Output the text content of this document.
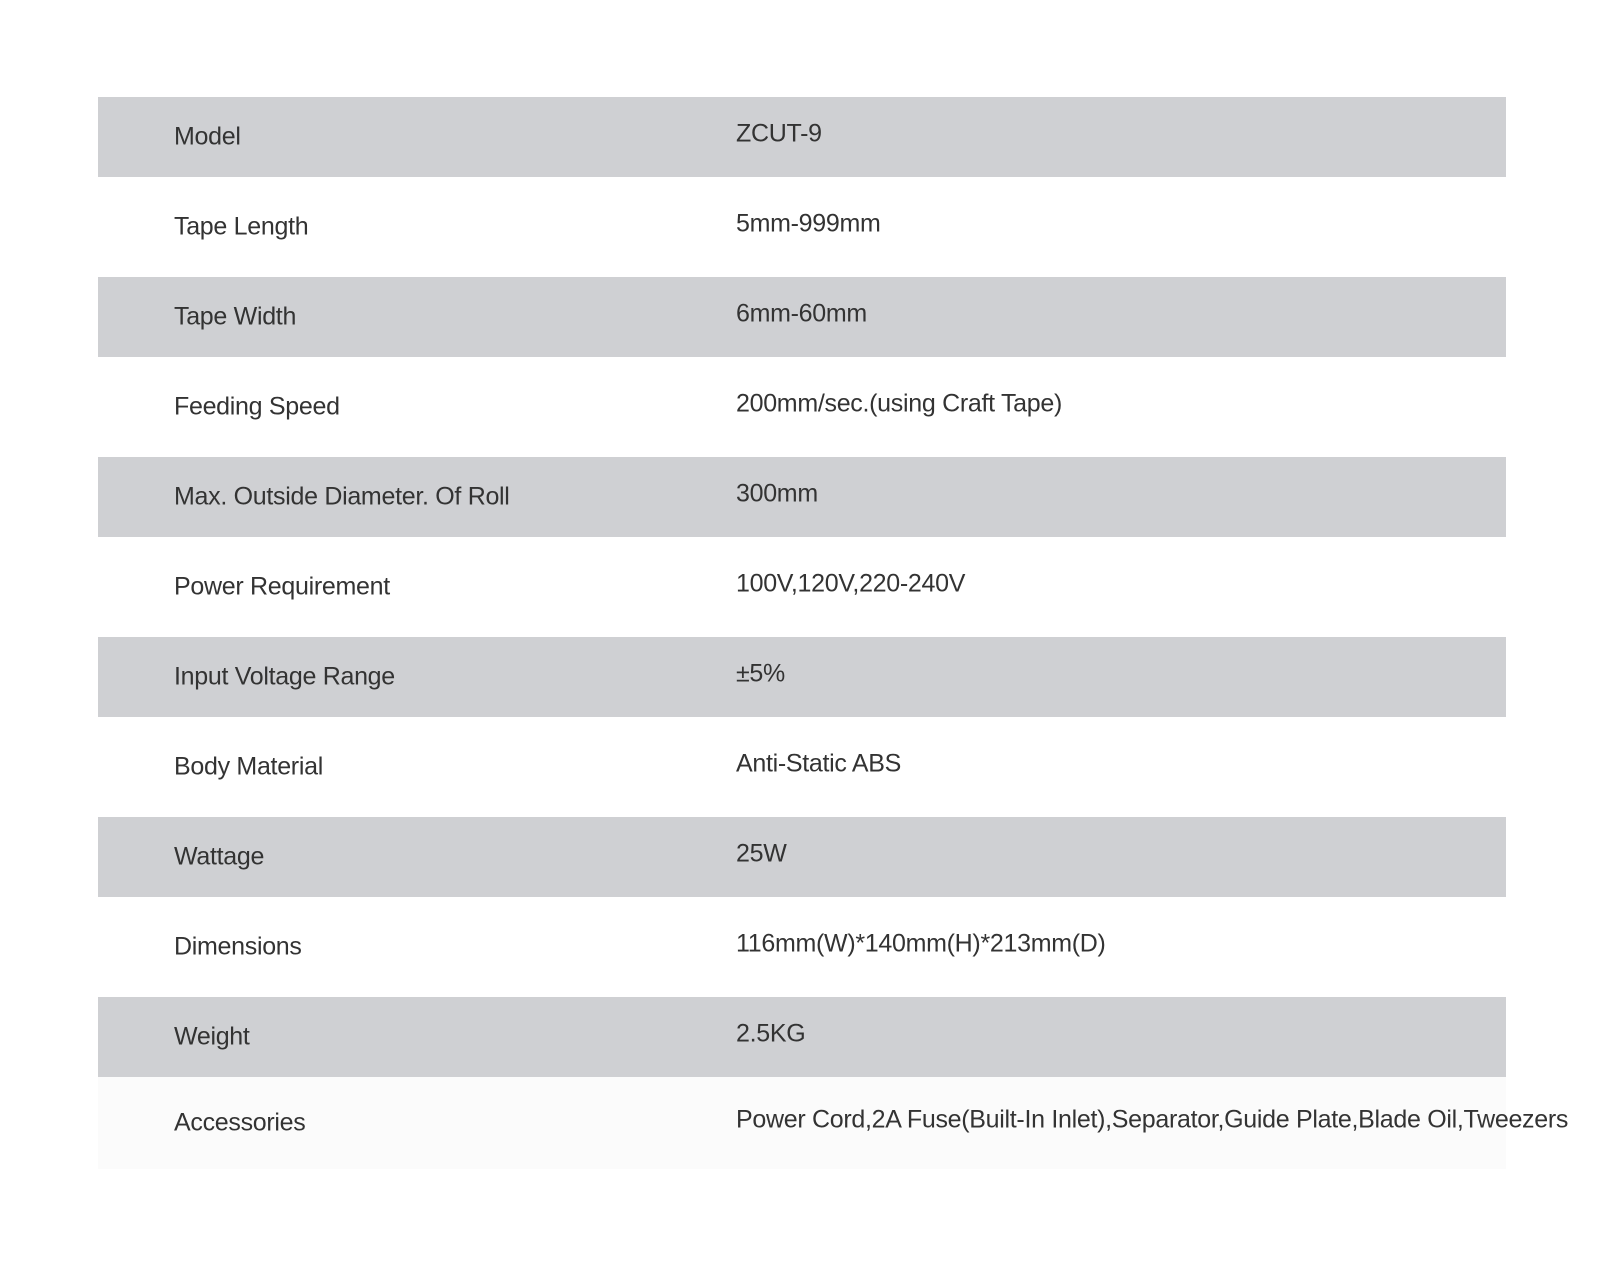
Model	ZCUT-9
Tape Length	5mm-999mm
Tape Width	6mm-60mm
Feeding Speed	200mm/sec.(using Craft Tape)
Max. Outside Diameter. Of Roll	300mm
Power Requirement	100V,120V,220-240V
Input Voltage Range	±5%
Body Material	Anti-Static ABS
Wattage	25W
Dimensions	116mm(W)*140mm(H)*213mm(D)
Weight	2.5KG
Accessories	Power Cord,2A Fuse(Built-In Inlet),Separator,Guide Plate,Blade Oil,Tweezers
